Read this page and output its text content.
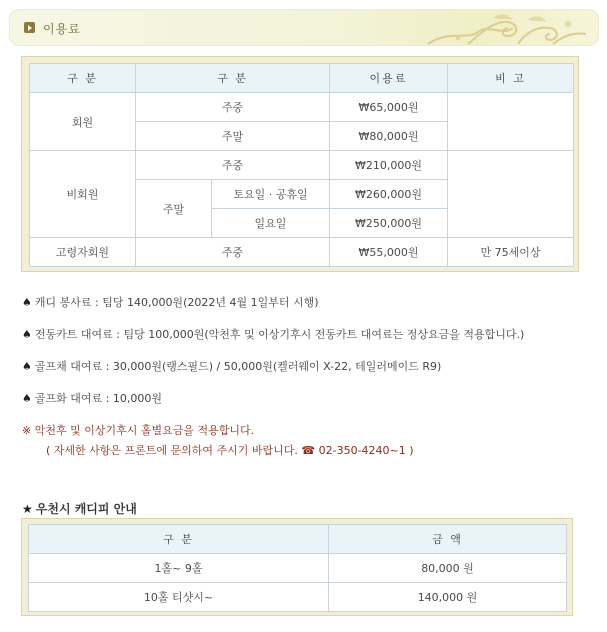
이용료
구 분	구 분		이용료	비 고
회원	주중		₩65,000원	
	주말		₩80,000원	
비회원	주중		₩210,000원	
	주말	토요일 · 공휴일	₩260,000원	
		일요일	₩250,000원	
고령자회원	주중		₩55,000원	만 75세이상
♠ 캐디 봉사료 : 팀당 140,000원(2022년 4월 1일부터 시행)
♠ 전동카트 대여료 : 팀당 100,000원(악천후 및 이상기후시 전동카트 대여료는 정상요금을 적용합니다.)
♠ 골프채 대여료 : 30,000원(랭스필드) / 50,000원(켈러웨이 X-22, 테일러메이드 R9)
♠ 골프화 대여료 : 10,000원
※ 악천후 및 이상기후시 홀별요금을 적용합니다.
( 자세한 사항은 프론트에 문의하여 주시기 바랍니다. ☎ 02-350-4240~1 )
★ 우천시 캐디피 안내
구 분	금 액
1홀~ 9홀	80,000 원
10홀 티샷시~	140,000 원
